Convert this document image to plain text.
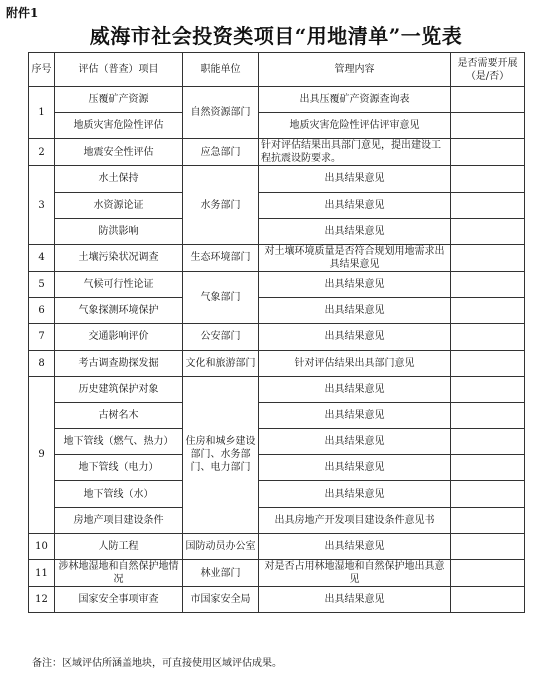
附件1
威海市社会投资类项目“用地清单”一览表
序号	评估（普查）项目	职能单位	管理内容	是否需要开展（是/否）
1	压覆矿产资源	自然资源部门	出具压覆矿产资源查询表	
	地质灾害危险性评估		地质灾害危险性评估评审意见	
2	地震安全性评估	应急部门	针对评估结果出具部门意见，提出建设工程抗震设防要求。	
3	水土保持	水务部门	出具结果意见	
	水资源论证		出具结果意见	
	防洪影响		出具结果意见	
4	土壤污染状况调查	生态环境部门	对土壤环境质量是否符合规划用地需求出具结果意见	
5	气候可行性论证	气象部门	出具结果意见	
6	气象探测环境保护		出具结果意见	
7	交通影响评价	公安部门	出具结果意见	
8	考古调查勘探发掘	文化和旅游部门	针对评估结果出具部门意见	
9	历史建筑保护对象	住房和城乡建设部门、水务部门、电力部门	出具结果意见	
	古树名木		出具结果意见	
	地下管线（燃气、热力）		出具结果意见	
	地下管线（电力）		出具结果意见	
	地下管线（水）		出具结果意见	
	房地产项目建设条件		出具房地产开发项目建设条件意见书	
10	人防工程	国防动员办公室	出具结果意见	
11	涉林地湿地和自然保护地情况	林业部门	对是否占用林地湿地和自然保护地出具意见	
12	国家安全事项审查	市国家安全局	出具结果意见	
备注：区域评估所涵盖地块，可直接使用区域评估成果。
